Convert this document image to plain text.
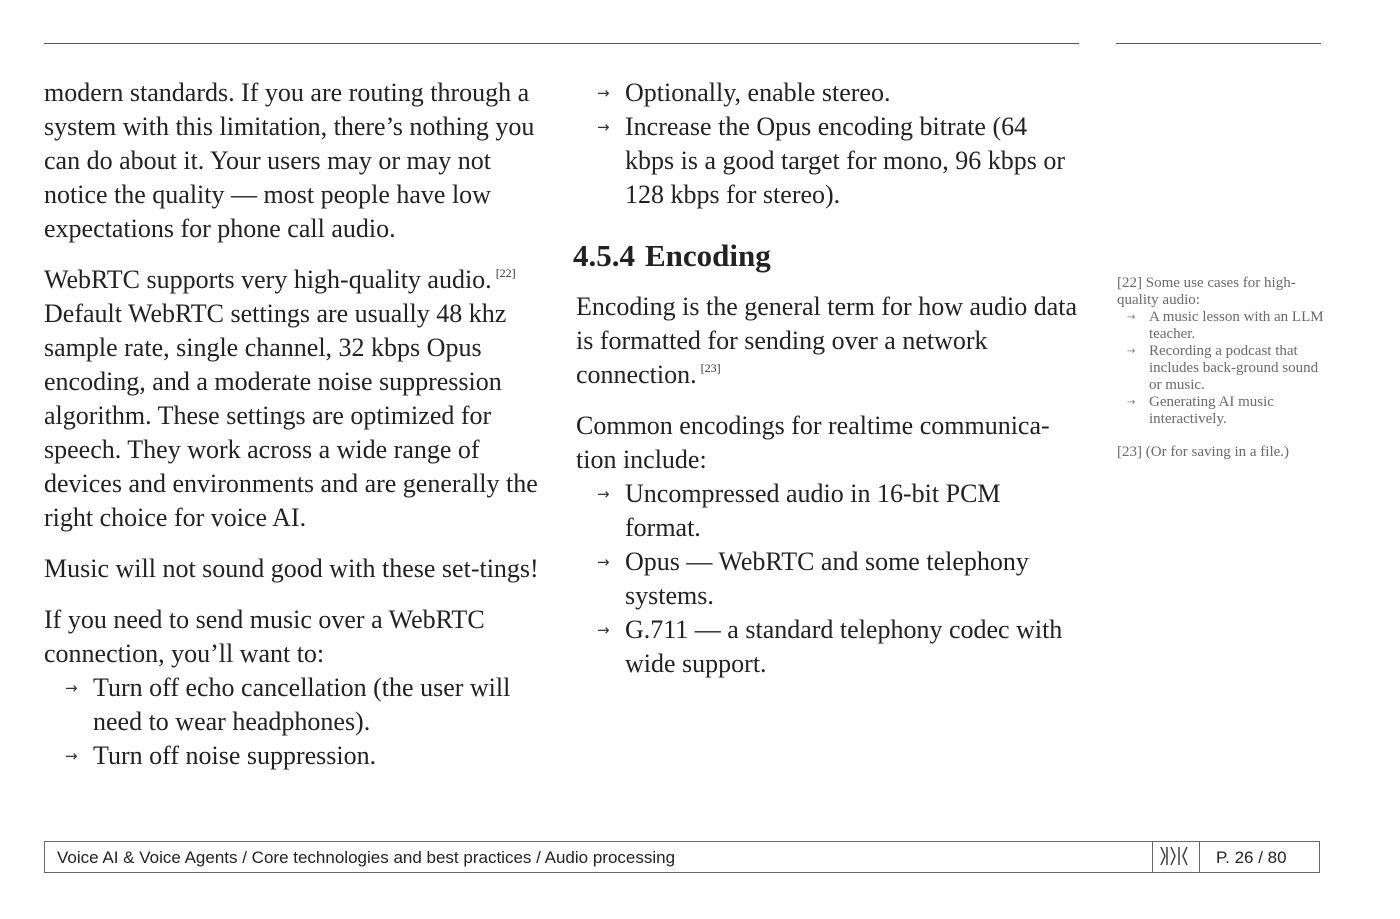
modern standards. If you are routing through a system with this limitation, there’s nothing you can do about it. Your users may or may not notice the quality — most people have low expectations for phone call audio.

WebRTC supports very high-quality audio. [22] Default WebRTC settings are usually 48 khz sample rate, single channel, 32 kbps Opus encoding, and a moderate noise suppression algorithm. These settings are optimized for speech. They work across a wide range of devices and environments and are generally the right choice for voice AI.

Music will not sound good with these set-tings!

If you need to send music over a WebRTC connection, you’ll want to:

→ Turn off echo cancellation (the user will need to wear headphones).
→ Turn off noise suppression.
→ Optionally, enable stereo.
→ Increase the Opus encoding bitrate (64 kbps is a good target for mono, 96 kbps or 128 kbps for stereo).
4.5.4 Encoding

Encoding is the general term for how audio data is formatted for sending over a network connection. [23]

Common encodings for realtime communica-tion include:

→ Uncompressed audio in 16-bit PCM format.
→ Opus — WebRTC and some telephony systems.
→ G.711 — a standard telephony codec with wide support.
[22] Some use cases for high-quality audio:
→ A music lesson with an LLM teacher.
→ Recording a podcast that includes back-ground sound or music.
→ Generating AI music interactively.
[23] (Or for saving in a file.)
Voice AI & Voice Agents / Core technologies and best practices / Audio processing	P. 26 / 80
